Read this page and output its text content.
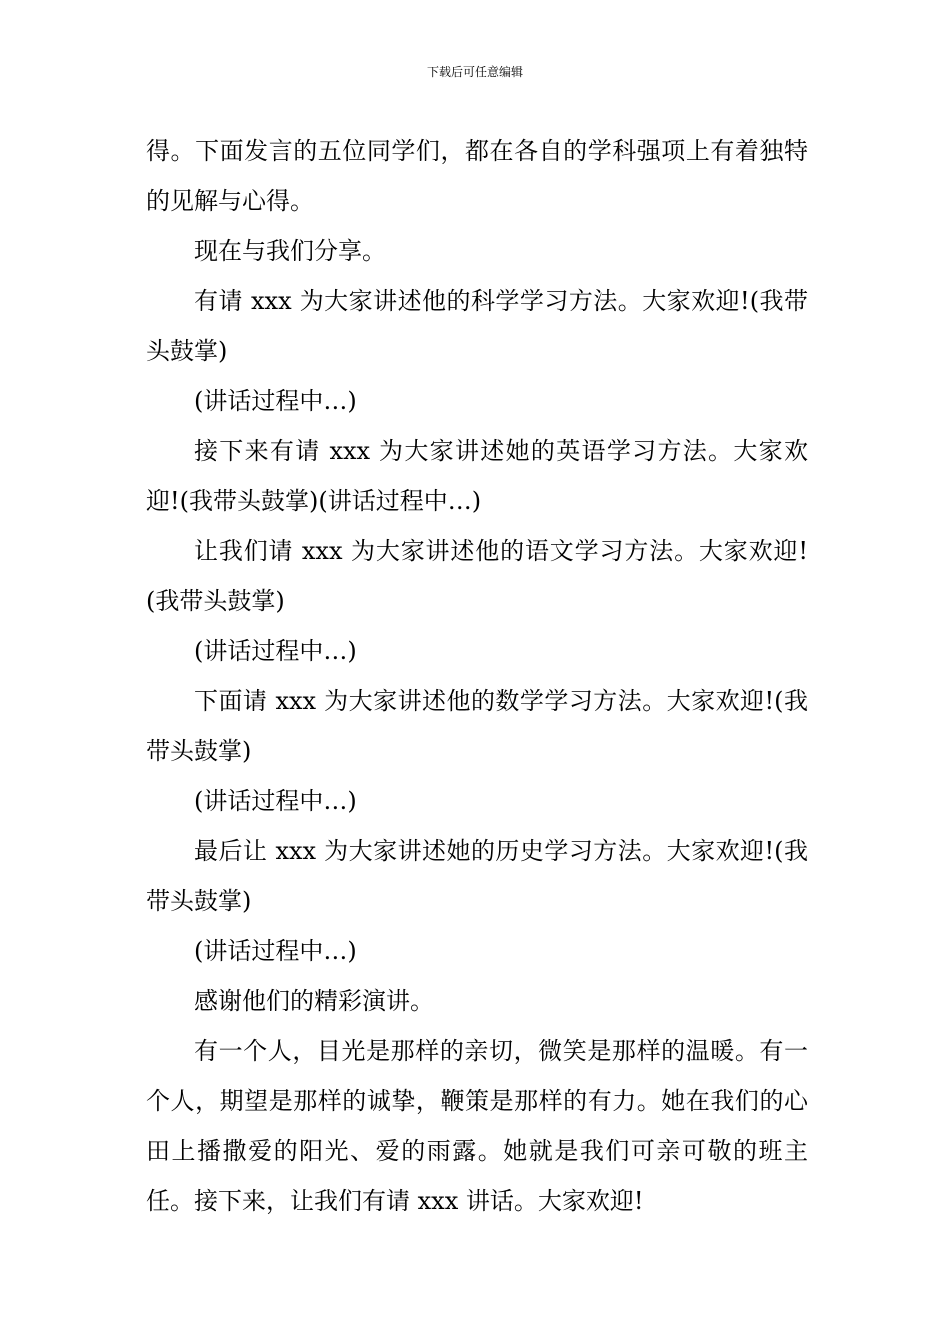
下载后可任意编辑

得。下面发言的五位同学们，都在各自的学科强项上有着独特的见解与心得。

现在与我们分享。

有请 xxx 为大家讲述他的科学学习方法。大家欢迎!(我带头鼓掌)

(讲话过程中…)

接下来有请 xxx 为大家讲述她的英语学习方法。大家欢迎!(我带头鼓掌)(讲话过程中…)

让我们请 xxx 为大家讲述他的语文学习方法。大家欢迎!(我带头鼓掌)

(讲话过程中…)

下面请 xxx 为大家讲述他的数学学习方法。大家欢迎!(我带头鼓掌)

(讲话过程中…)

最后让 xxx 为大家讲述她的历史学习方法。大家欢迎!(我带头鼓掌)

(讲话过程中…)

感谢他们的精彩演讲。

有一个人，目光是那样的亲切，微笑是那样的温暖。有一个人，期望是那样的诚挚，鞭策是那样的有力。她在我们的心田上播撒爱的阳光、爱的雨露。她就是我们可亲可敬的班主任。接下来，让我们有请 xxx 讲话。大家欢迎!
